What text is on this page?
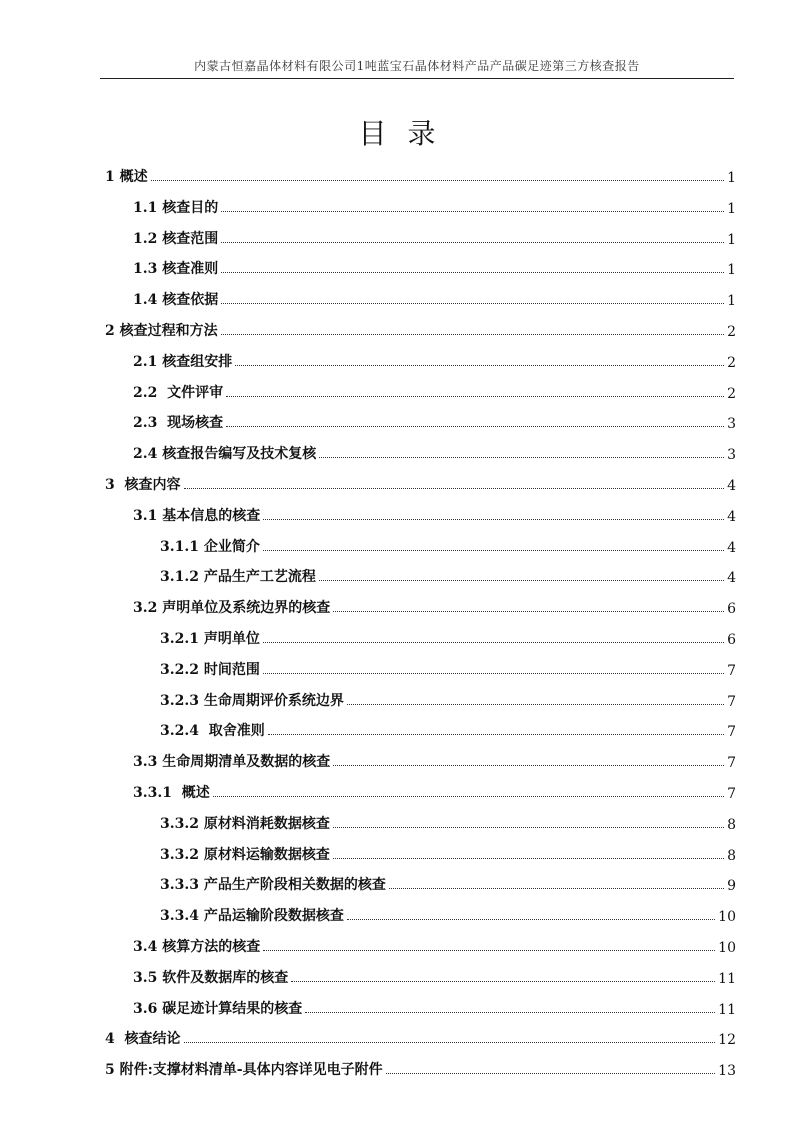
内蒙古恒嘉晶体材料有限公司1吨蓝宝石晶体材料产品产品碳足迹第三方核查报告
目 录
1 概述	1
1.1 核查目的	1
1.2 核查范围	1
1.3 核查准则	1
1.4 核查依据	1
2 核查过程和方法	2
2.1 核查组安排	2
2.2  文件评审	2
2.3  现场核查	3
2.4 核查报告编写及技术复核	3
3  核查内容	4
3.1 基本信息的核查	4
3.1.1 企业简介	4
3.1.2 产品生产工艺流程	4
3.2 声明单位及系统边界的核查	6
3.2.1 声明单位	6
3.2.2 时间范围	7
3.2.3 生命周期评价系统边界	7
3.2.4  取舍准则	7
3.3 生命周期清单及数据的核查	7
3.3.1  概述	7
3.3.2 原材料消耗数据核查	8
3.3.2 原材料运输数据核查	8
3.3.3 产品生产阶段相关数据的核查	9
3.3.4 产品运输阶段数据核查	10
3.4 核算方法的核查	10
3.5 软件及数据库的核查	11
3.6 碳足迹计算结果的核查	11
4  核查结论	12
5 附件:支撑材料清单-具体内容详见电子附件	13
